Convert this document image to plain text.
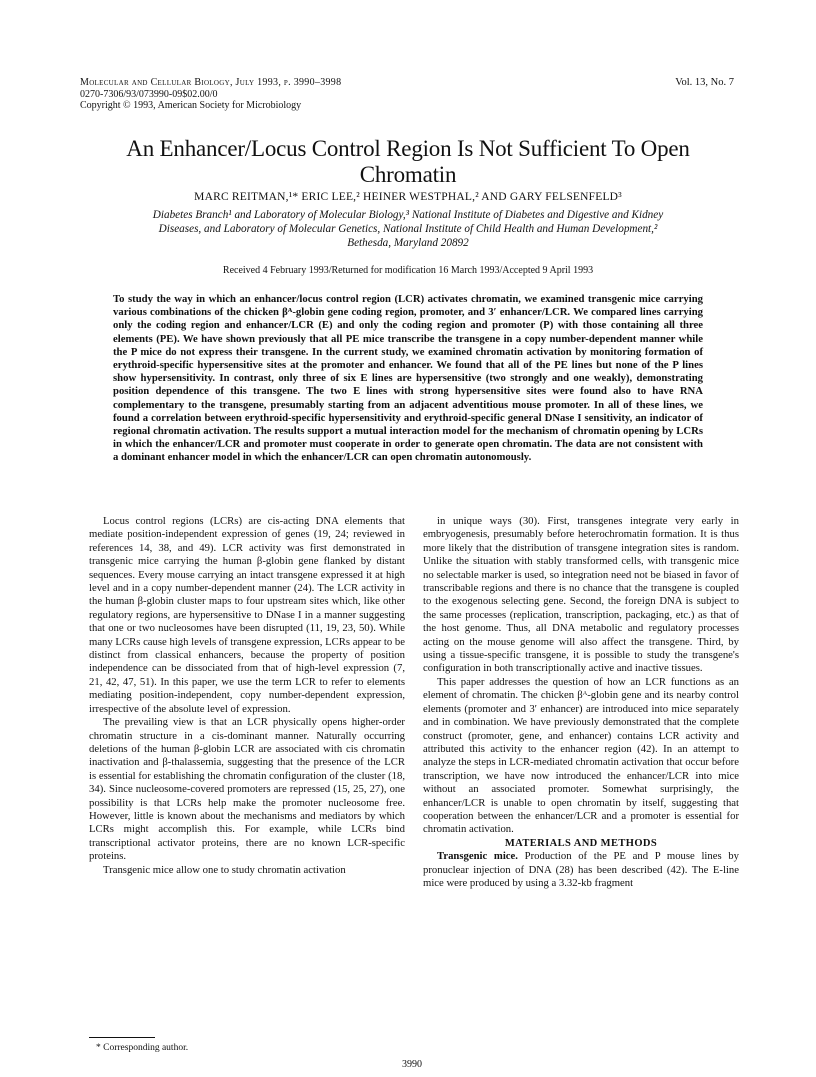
Molecular and Cellular Biology, July 1993, p. 3990–3998
0270-7306/93/073990-09$02.00/0
Copyright © 1993, American Society for Microbiology
Vol. 13, No. 7
An Enhancer/Locus Control Region Is Not Sufficient To Open Chromatin
MARC REITMAN,¹* ERIC LEE,² HEINER WESTPHAL,² AND GARY FELSENFELD³
Diabetes Branch¹ and Laboratory of Molecular Biology,³ National Institute of Diabetes and Digestive and Kidney Diseases, and Laboratory of Molecular Genetics, National Institute of Child Health and Human Development,² Bethesda, Maryland 20892
Received 4 February 1993/Returned for modification 16 March 1993/Accepted 9 April 1993

To study the way in which an enhancer/locus control region (LCR) activates chromatin, we examined transgenic mice carrying various combinations of the chicken βᴬ-globin gene coding region, promoter, and 3′ enhancer/LCR. We compared lines carrying only the coding region and enhancer/LCR (E) and only the coding region and promoter (P) with those containing all three elements (PE). We have shown previously that all PE mice transcribe the transgene in a copy number-dependent manner while the P mice do not express their transgene. In the current study, we examined chromatin activation by monitoring formation of erythroid-specific hypersensitive sites at the promoter and enhancer. We found that all of the PE lines but none of the P lines show hypersensitivity. In contrast, only three of six E lines are hypersensitive (two strongly and one weakly), demonstrating position dependence of this transgene. The two E lines with strong hypersensitive sites were found also to have RNA complementary to the transgene, presumably starting from an adjacent adventitious mouse promoter. In all of these lines, we found a correlation between erythroid-specific hypersensitivity and erythroid-specific general DNase I sensitivity, an indicator of regional chromatin activation. The results support a mutual interaction model for the mechanism of chromatin opening by LCRs in which the enhancer/LCR and promoter must cooperate in order to generate open chromatin. The data are not consistent with a dominant enhancer model in which the enhancer/LCR can open chromatin autonomously.

Locus control regions (LCRs) are cis-acting DNA elements that mediate position-independent expression of genes (19, 24; reviewed in references 14, 38, and 49). LCR activity was first demonstrated in transgenic mice carrying the human β-globin gene flanked by distant sequences. Every mouse carrying an intact transgene expressed it at high level and in a copy number-dependent manner (24). The LCR activity in the human β-globin cluster maps to four upstream sites which, like other regulatory regions, are hypersensitive to DNase I in a manner suggesting that one or two nucleosomes have been disrupted (11, 19, 23, 50). While many LCRs cause high levels of transgene expression, LCRs appear to be distinct from classical enhancers, because the property of position independence can be dissociated from that of high-level expression (7, 21, 42, 47, 51). In this paper, we use the term LCR to refer to elements mediating position-independent, copy number-dependent expression, irrespective of the absolute level of expression.

The prevailing view is that an LCR physically opens higher-order chromatin structure in a cis-dominant manner. Naturally occurring deletions of the human β-globin LCR are associated with cis chromatin inactivation and β-thalassemia, suggesting that the presence of the LCR is essential for establishing the chromatin configuration of the cluster (18, 34). Since nucleosome-covered promoters are repressed (15, 25, 27), one possibility is that LCRs help make the promoter nucleosome free. However, little is known about the mechanisms and mediators by which LCRs might accomplish this. For example, while LCRs bind transcriptional activator proteins, there are no known LCR-specific proteins.

Transgenic mice allow one to study chromatin activation

in unique ways (30). First, transgenes integrate very early in embryogenesis, presumably before heterochromatin formation. It is thus more likely that the distribution of transgene integration sites is random. Unlike the situation with stably transformed cells, with transgenic mice no selectable marker is used, so integration need not be biased in favor of transcribable regions and there is no chance that the transgene is coupled to the exogenous selecting gene. Second, the foreign DNA is subject to the same processes (replication, transcription, packaging, etc.) as that of the host genome. Thus, all DNA metabolic and regulatory processes acting on the mouse genome will also affect the transgene. Third, by using a tissue-specific transgene, it is possible to study the transgene's configuration in both transcriptionally active and inactive tissues.

This paper addresses the question of how an LCR functions as an element of chromatin. The chicken βᴬ-globin gene and its nearby control elements (promoter and 3′ enhancer) are introduced into mice separately and in combination. We have previously demonstrated that the complete construct (promoter, gene, and enhancer) contains LCR activity and attributed this activity to the enhancer region (42). In an attempt to analyze the steps in LCR-mediated chromatin activation that occur before transcription, we have now introduced the enhancer/LCR into mice without an associated promoter. Somewhat surprisingly, the enhancer/LCR is unable to open chromatin by itself, suggesting that cooperation between the enhancer/LCR and a promoter is essential for chromatin activation.

MATERIALS AND METHODS

Transgenic mice. Production of the PE and P mouse lines by pronuclear injection of DNA (28) has been described (42). The E-line mice were produced by using a 3.32-kb fragment

* Corresponding author.
3990
